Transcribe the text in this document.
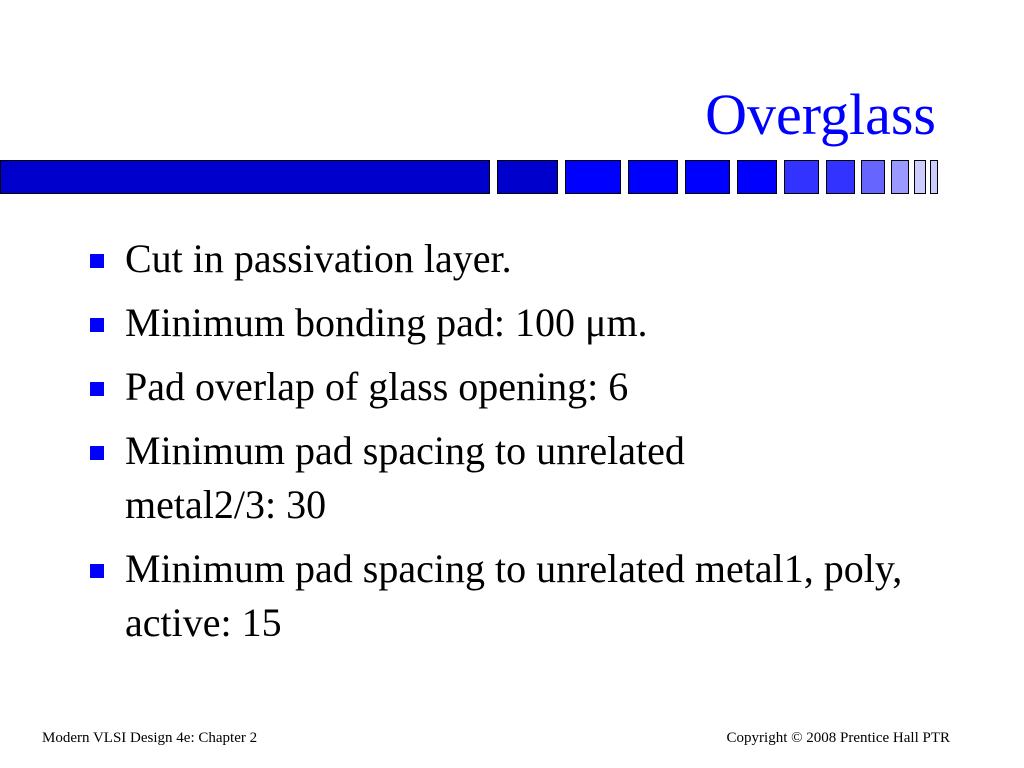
Overglass
Cut in passivation layer.
Minimum bonding pad: 100 μm.
Pad overlap of glass opening: 6
Minimum pad spacing to unrelated metal2/3: 30
Minimum pad spacing to unrelated metal1, poly, active: 15
Modern VLSI Design 4e: Chapter 2	Copyright © 2008 Prentice Hall PTR
